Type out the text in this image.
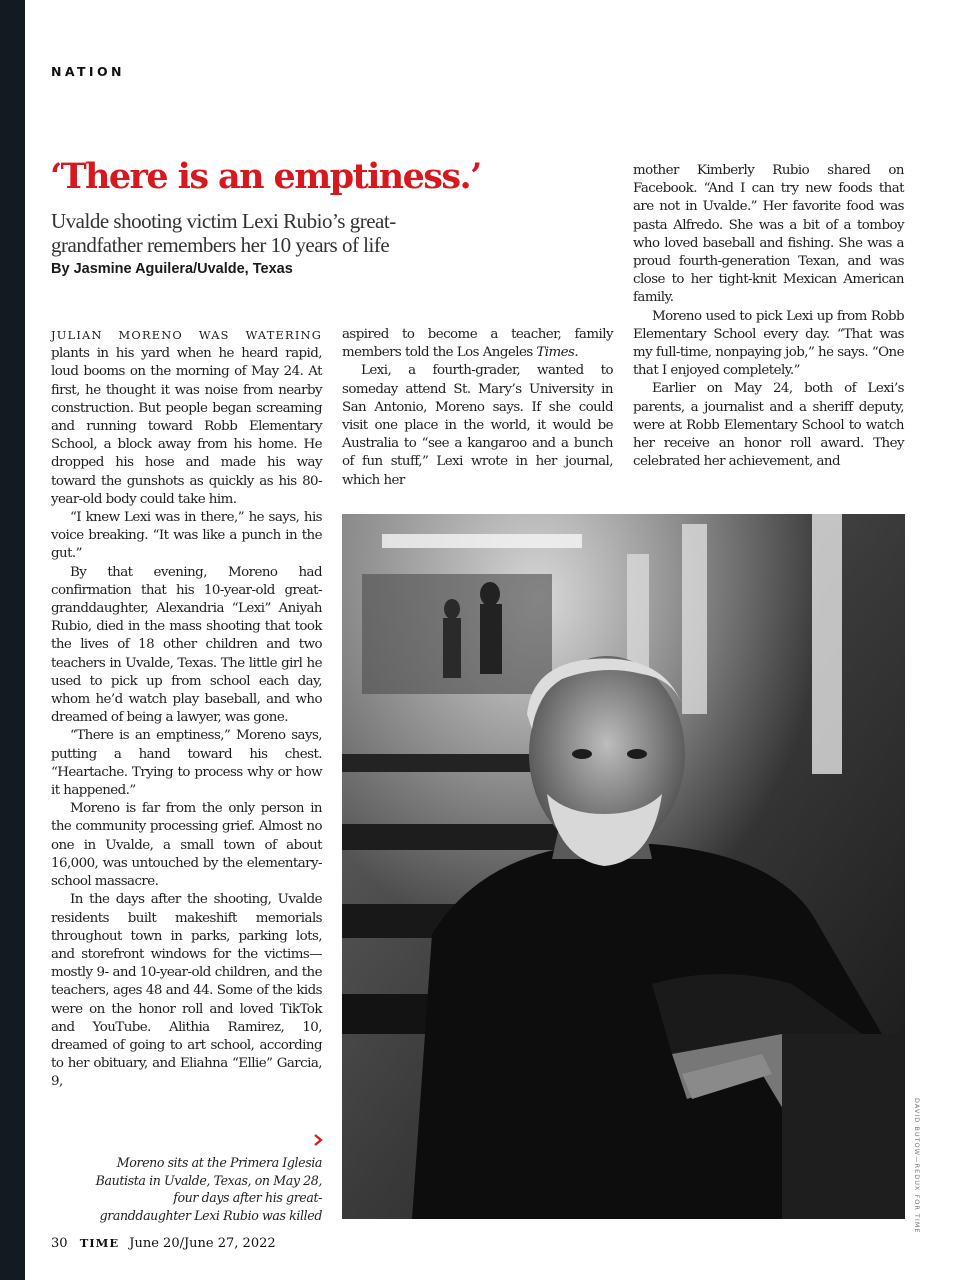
NATION
‘There is an emptiness.’

Uvalde shooting victim Lexi Rubio’s great-grandfather remembers her 10 years of life

By Jasmine Aguilera/Uvalde, Texas

JULIAN MORENO WAS WATERING plants in his yard when he heard rapid, loud booms on the morning of May 24. At first, he thought it was noise from nearby construction. But people began screaming and running toward Robb Elementary School, a block away from his home. He dropped his hose and made his way toward the gunshots as quickly as his 80-year-old body could take him.

“I knew Lexi was in there,” he says, his voice breaking. “It was like a punch in the gut.”

By that evening, Moreno had confirmation that his 10-year-old great-granddaughter, Alexandria “Lexi” Aniyah Rubio, died in the mass shooting that took the lives of 18 other children and two teachers in Uvalde, Texas. The little girl he used to pick up from school each day, whom he’d watch play baseball, and who dreamed of being a lawyer, was gone.

“There is an emptiness,” Moreno says, putting a hand toward his chest. “Heartache. Trying to process why or how it happened.”

Moreno is far from the only person in the community processing grief. Almost no one in Uvalde, a small town of about 16,000, was untouched by the elementary-school massacre.

In the days after the shooting, Uvalde residents built makeshift memorials throughout town in parks, parking lots, and storefront windows for the victims—mostly 9- and 10-year-old children, and the teachers, ages 48 and 44. Some of the kids were on the honor roll and loved TikTok and YouTube. Alithia Ramirez, 10, dreamed of going to art school, according to her obituary, and Eliahna “Ellie” Garcia, 9,

aspired to become a teacher, family members told the Los Angeles Times.

Lexi, a fourth-grader, wanted to someday attend St. Mary’s University in San Antonio, Moreno says. If she could visit one place in the world, it would be Australia to “see a kangaroo and a bunch of fun stuff,” Lexi wrote in her journal, which her

mother Kimberly Rubio shared on Facebook. “And I can try new foods that are not in Uvalde.” Her favorite food was pasta Alfredo. She was a bit of a tomboy who loved baseball and fishing. She was a proud fourth-generation Texan, and was close to her tight-knit Mexican American family.

Moreno used to pick Lexi up from Robb Elementary School every day. “That was my full-time, nonpaying job,” he says. “One that I enjoyed completely.”

Earlier on May 24, both of Lexi’s parents, a journalist and a sheriff deputy, were at Robb Elementary School to watch her receive an honor roll award. They celebrated her achievement, and

DAVID BUTOW—REDUX FOR TIME

Moreno sits at the Primera Iglesia Bautista in Uvalde, Texas, on May 28, four days after his great-granddaughter Lexi Rubio was killed

30 TIME June 20/June 27, 2022
